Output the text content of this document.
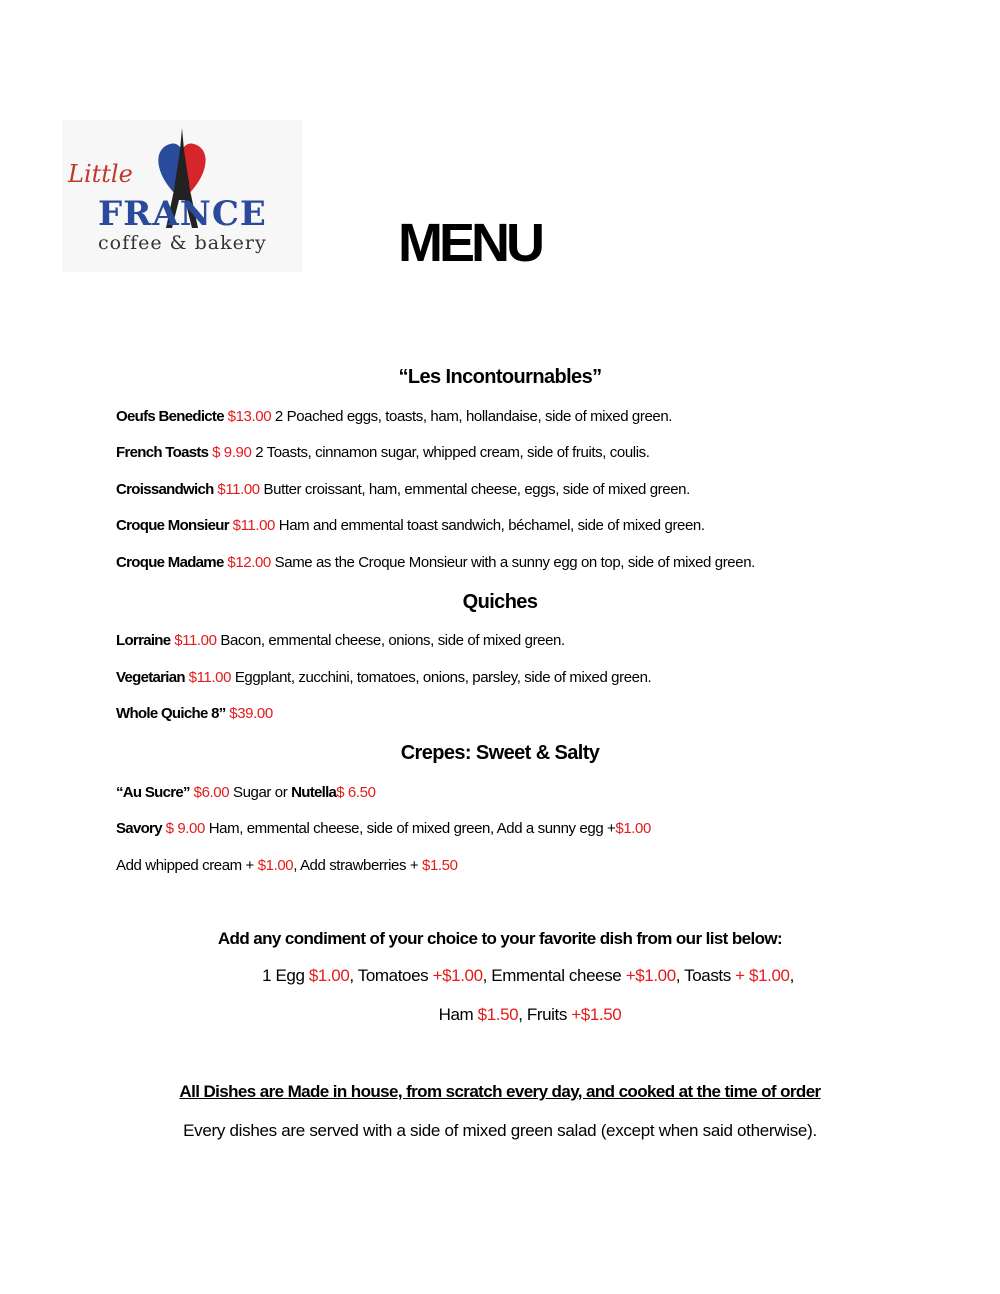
Little
FRANCE
coffee & bakery MENU
“Les Incontournables”
Oeufs Benedicte $13.00 2 Poached eggs, toasts, ham, hollandaise, side of mixed green.
French Toasts $ 9.90 2 Toasts, cinnamon sugar, whipped cream, side of fruits, coulis.
Croissandwich $11.00 Butter croissant, ham, emmental cheese, eggs, side of mixed green.
Croque Monsieur $11.00 Ham and emmental toast sandwich, béchamel, side of mixed green.
Croque Madame $12.00 Same as the Croque Monsieur with a sunny egg on top, side of mixed green.
Quiches
Lorraine $11.00 Bacon, emmental cheese, onions, side of mixed green.
Vegetarian $11.00 Eggplant, zucchini, tomatoes, onions, parsley, side of mixed green.
Whole Quiche 8” $39.00
Crepes: Sweet & Salty
“Au Sucre” $6.00 Sugar or Nutella$ 6.50
Savory $ 9.00 Ham, emmental cheese, side of mixed green, Add a sunny egg +$1.00
Add whipped cream + $1.00, Add strawberries + $1.50
Add any condiment of your choice to your favorite dish from our list below:
1 Egg $1.00, Tomatoes +$1.00, Emmental cheese +$1.00, Toasts + $1.00,
Ham $1.50, Fruits +$1.50
All Dishes are Made in house, from scratch every day, and cooked at the time of order
Every dishes are served with a side of mixed green salad (except when said otherwise).
